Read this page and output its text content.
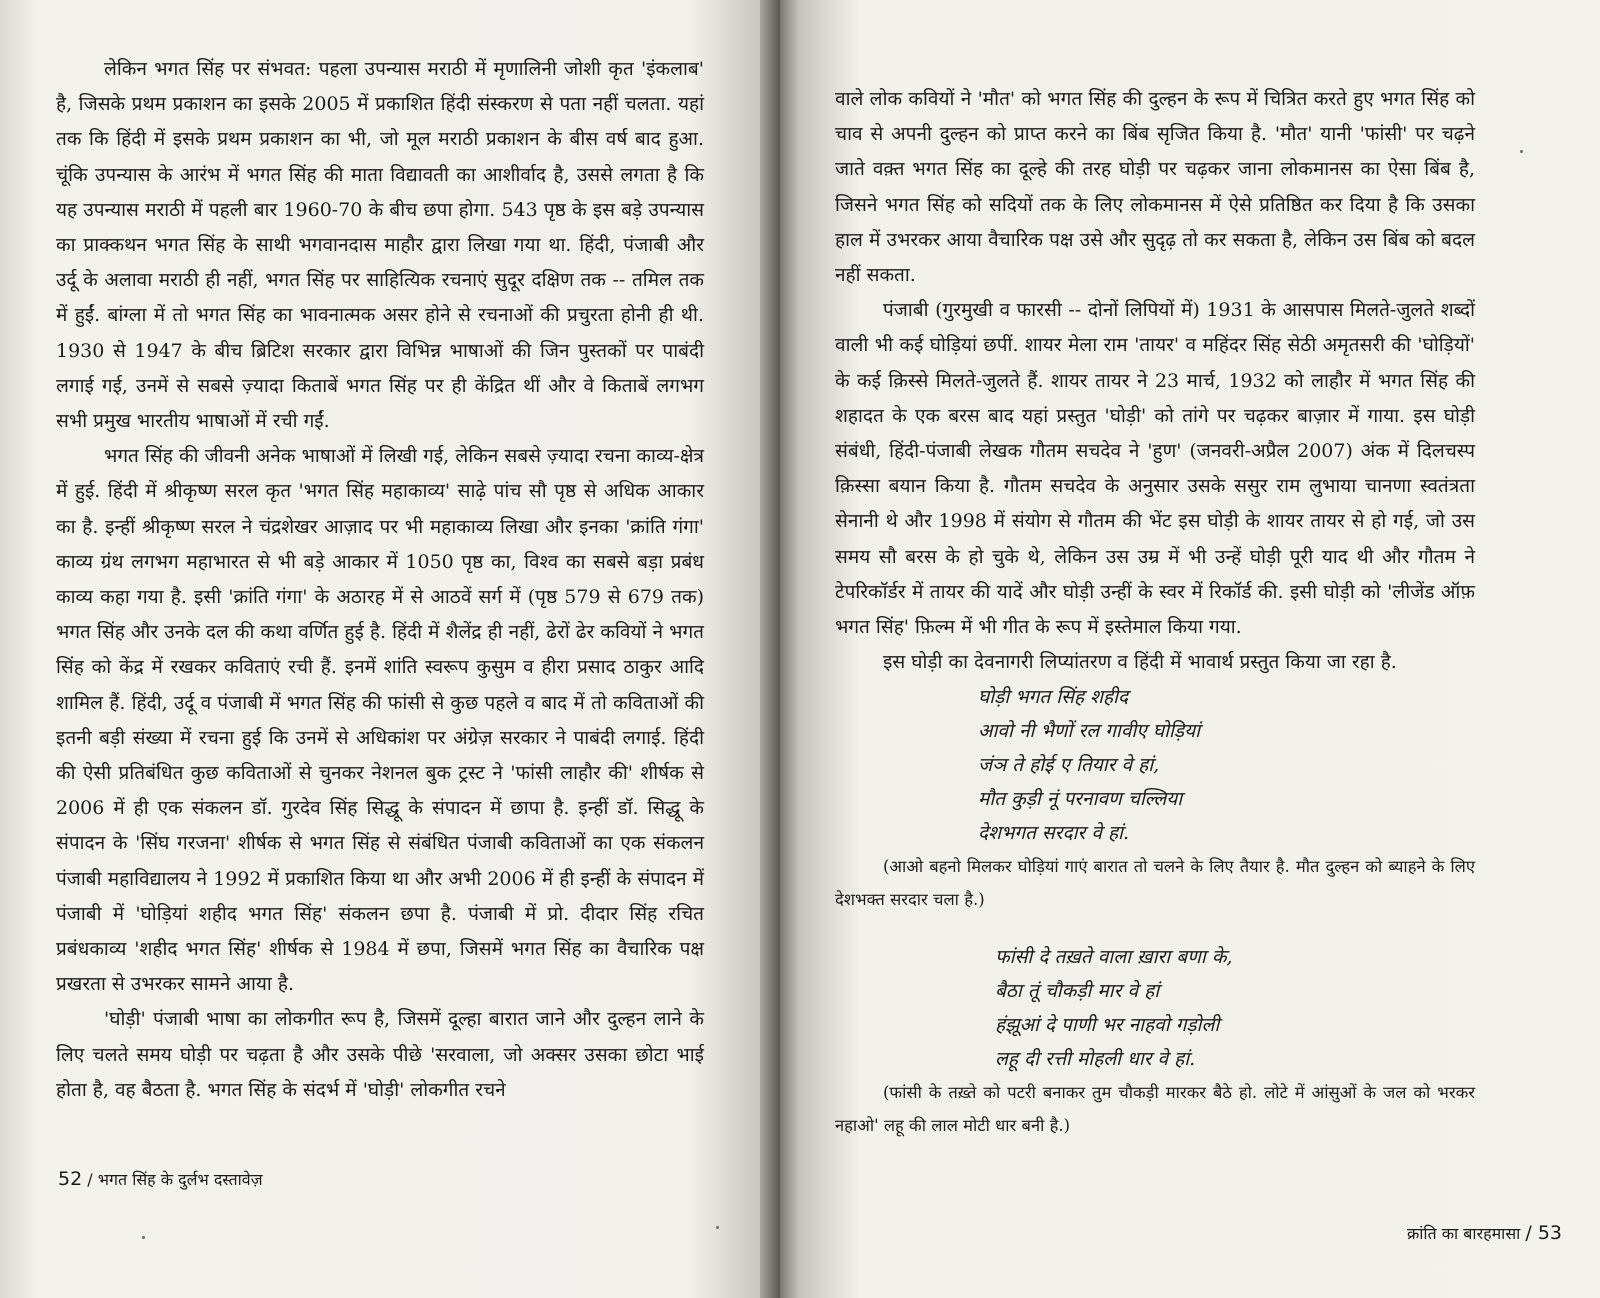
लेकिन भगत सिंह पर संभवत: पहला उपन्यास मराठी में मृणालिनी जोशी कृत 'इंकलाब' है, जिसके प्रथम प्रकाशन का इसके 2005 में प्रकाशित हिंदी संस्करण से पता नहीं चलता. यहां तक कि हिंदी में इसके प्रथम प्रकाशन का भी, जो मूल मराठी प्रकाशन के बीस वर्ष बाद हुआ. चूंकि उपन्यास के आरंभ में भगत सिंह की माता विद्यावती का आशीर्वाद है, उससे लगता है कि यह उपन्यास मराठी में पहली बार 1960-70 के बीच छपा होगा. 543 पृष्ठ के इस बड़े उपन्यास का प्राक्कथन भगत सिंह के साथी भगवानदास माहौर द्वारा लिखा गया था. हिंदी, पंजाबी और उर्दू के अलावा मराठी ही नहीं, भगत सिंह पर साहित्यिक रचनाएं सुदूर दक्षिण तक -- तमिल तक में हुईं. बांग्ला में तो भगत सिंह का भावनात्मक असर होने से रचनाओं की प्रचुरता होनी ही थी. 1930 से 1947 के बीच ब्रिटिश सरकार द्वारा विभिन्न भाषाओं की जिन पुस्तकों पर पाबंदी लगाई गई, उनमें से सबसे ज़्यादा किताबें भगत सिंह पर ही केंद्रित थीं और वे किताबें लगभग सभी प्रमुख भारतीय भाषाओं में रची गईं.

भगत सिंह की जीवनी अनेक भाषाओं में लिखी गई, लेकिन सबसे ज़्यादा रचना काव्य-क्षेत्र में हुई. हिंदी में श्रीकृष्ण सरल कृत 'भगत सिंह महाकाव्य' साढ़े पांच सौ पृष्ठ से अधिक आकार का है. इन्हीं श्रीकृष्ण सरल ने चंद्रशेखर आज़ाद पर भी महाकाव्य लिखा और इनका 'क्रांति गंगा' काव्य ग्रंथ लगभग महाभारत से भी बड़े आकार में 1050 पृष्ठ का, विश्व का सबसे बड़ा प्रबंध काव्य कहा गया है. इसी 'क्रांति गंगा' के अठारह में से आठवें सर्ग में (पृष्ठ 579 से 679 तक) भगत सिंह और उनके दल की कथा वर्णित हुई है. हिंदी में शैलेंद्र ही नहीं, ढेरों ढेर कवियों ने भगत सिंह को केंद्र में रखकर कविताएं रची हैं. इनमें शांति स्वरूप कुसुम व हीरा प्रसाद ठाकुर आदि शामिल हैं. हिंदी, उर्दू व पंजाबी में भगत सिंह की फांसी से कुछ पहले व बाद में तो कविताओं की इतनी बड़ी संख्या में रचना हुई कि उनमें से अधिकांश पर अंग्रेज़ सरकार ने पाबंदी लगाई. हिंदी की ऐसी प्रतिबंधित कुछ कविताओं से चुनकर नेशनल बुक ट्रस्ट ने 'फांसी लाहौर की' शीर्षक से 2006 में ही एक संकलन डॉ. गुरदेव सिंह सिद्धू के संपादन में छापा है. इन्हीं डॉ. सिद्धू के संपादन के 'सिंघ गरजना' शीर्षक से भगत सिंह से संबंधित पंजाबी कविताओं का एक संकलन पंजाबी महाविद्यालय ने 1992 में प्रकाशित किया था और अभी 2006 में ही इन्हीं के संपादन में पंजाबी में 'घोड़ियां शहीद भगत सिंह' संकलन छपा है. पंजाबी में प्रो. दीदार सिंह रचित प्रबंधकाव्य 'शहीद भगत सिंह' शीर्षक से 1984 में छपा, जिसमें भगत सिंह का वैचारिक पक्ष प्रखरता से उभरकर सामने आया है.

'घोड़ी' पंजाबी भाषा का लोकगीत रूप है, जिसमें दूल्हा बारात जाने और दुल्हन लाने के लिए चलते समय घोड़ी पर चढ़ता है और उसके पीछे 'सरवाला, जो अक्सर उसका छोटा भाई होता है, वह बैठता है. भगत सिंह के संदर्भ में 'घोड़ी' लोकगीत रचने

52 / भगत सिंह के दुर्लभ दस्तावेज़

वाले लोक कवियों ने 'मौत' को भगत सिंह की दुल्हन के रूप में चित्रित करते हुए भगत सिंह को चाव से अपनी दुल्हन को प्राप्त करने का बिंब सृजित किया है. 'मौत' यानी 'फांसी' पर चढ़ने जाते वक़्त भगत सिंह का दूल्हे की तरह घोड़ी पर चढ़कर जाना लोकमानस का ऐसा बिंब है, जिसने भगत सिंह को सदियों तक के लिए लोकमानस में ऐसे प्रतिष्ठित कर दिया है कि उसका हाल में उभरकर आया वैचारिक पक्ष उसे और सुदृढ़ तो कर सकता है, लेकिन उस बिंब को बदल नहीं सकता.

पंजाबी (गुरमुखी व फारसी -- दोनों लिपियों में) 1931 के आसपास मिलते-जुलते शब्दों वाली भी कई घोड़ियां छपीं. शायर मेला राम 'तायर' व महिंदर सिंह सेठी अमृतसरी की 'घोड़ियों' के कई क़िस्से मिलते-जुलते हैं. शायर तायर ने 23 मार्च, 1932 को लाहौर में भगत सिंह की शहादत के एक बरस बाद यहां प्रस्तुत 'घोड़ी' को तांगे पर चढ़कर बाज़ार में गाया. इस घोड़ी संबंधी, हिंदी-पंजाबी लेखक गौतम सचदेव ने 'हुण' (जनवरी-अप्रैल 2007) अंक में दिलचस्प क़िस्सा बयान किया है. गौतम सचदेव के अनुसार उसके ससुर राम लुभाया चानणा स्वतंत्रता सेनानी थे और 1998 में संयोग से गौतम की भेंट इस घोड़ी के शायर तायर से हो गई, जो उस समय सौ बरस के हो चुके थे, लेकिन उस उम्र में भी उन्हें घोड़ी पूरी याद थी और गौतम ने टेपरिकॉर्डर में तायर की यादें और घोड़ी उन्हीं के स्वर में रिकॉर्ड की. इसी घोड़ी को 'लीजेंड ऑफ़ भगत सिंह' फ़िल्म में भी गीत के रूप में इस्तेमाल किया गया.

इस घोड़ी का देवनागरी लिप्यांतरण व हिंदी में भावार्थ प्रस्तुत किया जा रहा है.

घोड़ी भगत सिंह शहीद
आवो नी भैणों रल गावीए घोड़ियां
जंञ ते होई ए तियार वे हां,
मौत कुड़ी नूं परनावण चल्लिया
देशभगत सरदार वे हां.

(आओ बहनो मिलकर घोड़ियां गाएं बारात तो चलने के लिए तैयार है. मौत दुल्हन को ब्याहने के लिए देशभक्त सरदार चला है.)

फांसी दे तख़ते वाला ख़ारा बणा के,
बैठा तूं चौकड़ी मार वे हां
हंझूआं दे पाणी भर नाहवो गड़ोली
लहू दी रत्ती मोहली धार वे हां.

(फांसी के तख़्ते को पटरी बनाकर तुम चौकड़ी मारकर बैठे हो. लोटे में आंसुओं के जल को भरकर नहाओ' लहू की लाल मोटी धार बनी है.)

क्रांति का बारहमासा / 53
